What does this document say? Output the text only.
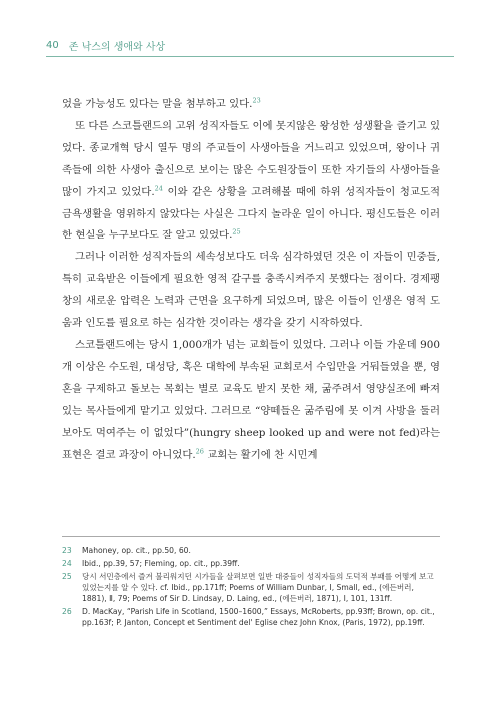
40 존 낙스의 생애와 사상

었을 가능성도 있다는 말을 첨부하고 있다.$^{23}$

또 다른 스코틀랜드의 고위 성직자들도 이에 못지않은 왕성한 성생활을 즐기고 있었다. 종교개혁 당시 열두 명의 주교들이 사생아들을 거느리고 있었으며, 왕이나 귀족들에 의한 사생아 출신으로 보이는 많은 수도원장들이 또한 자기들의 사생아들을 많이 가지고 있었다.$^{24}$ 이와 같은 상황을 고려해볼 때에 하위 성직자들이 청교도적 금욕생활을 영위하지 않았다는 사실은 그다지 놀라운 일이 아니다. 평신도들은 이러한 현실을 누구보다도 잘 알고 있었다.$^{25}$

그러나 이러한 성직자들의 세속성보다도 더욱 심각하였던 것은 이 자들이 민중들, 특히 교육받은 이들에게 필요한 영적 갈구를 충족시켜주지 못했다는 점이다. 경제팽창의 새로운 압력은 노력과 근면을 요구하게 되었으며, 많은 이들이 인생은 영적 도움과 인도를 필요로 하는 심각한 것이라는 생각을 갖기 시작하였다.

스코틀랜드에는 당시 1,000개가 넘는 교회들이 있었다. 그러나 이들 가운데 900개 이상은 수도원, 대성당, 혹은 대학에 부속된 교회로서 수입만을 거둬들였을 뿐, 영혼을 구제하고 돌보는 목회는 별로 교육도 받지 못한 채, 굶주려서 영양실조에 빠져있는 목사들에게 맡기고 있었다. 그러므로 “양떼들은 굶주림에 못 이겨 사방을 둘러보아도 먹여주는 이 없었다”(hungry sheep looked up and were not fed)라는 표현은 결코 과장이 아니었다.$^{26}$ 교회는 활기에 찬 시민계

23	Mahoney, op. cit., pp.50, 60.
24	Ibid., pp.39, 57; Fleming, op. cit., pp.39ff.
25	당시 서민층에서 즐겨 불리워지던 시가들을 살펴보면 일반 대중들이 성직자들의 도덕적 부패를 어떻게 보고 있었는지를 알 수 있다. cf. Ibid., pp.171ff; Poems of William Dunbar, I, Small, ed., (에든버러, 1881), Ⅱ, 79; Poems of Sir D. Lindsay, D. Laing, ed., (에든버러, 1871), Ⅰ, 101, 131ff.
26	D. MacKay, “Parish Life in Scotland, 1500–1600,” Essays, McRoberts, pp.93ff; Brown, op. cit., pp.163f; P. Janton, Concept et Sentiment del' Eglise chez John Knox, (Paris, 1972), pp.19ff.
